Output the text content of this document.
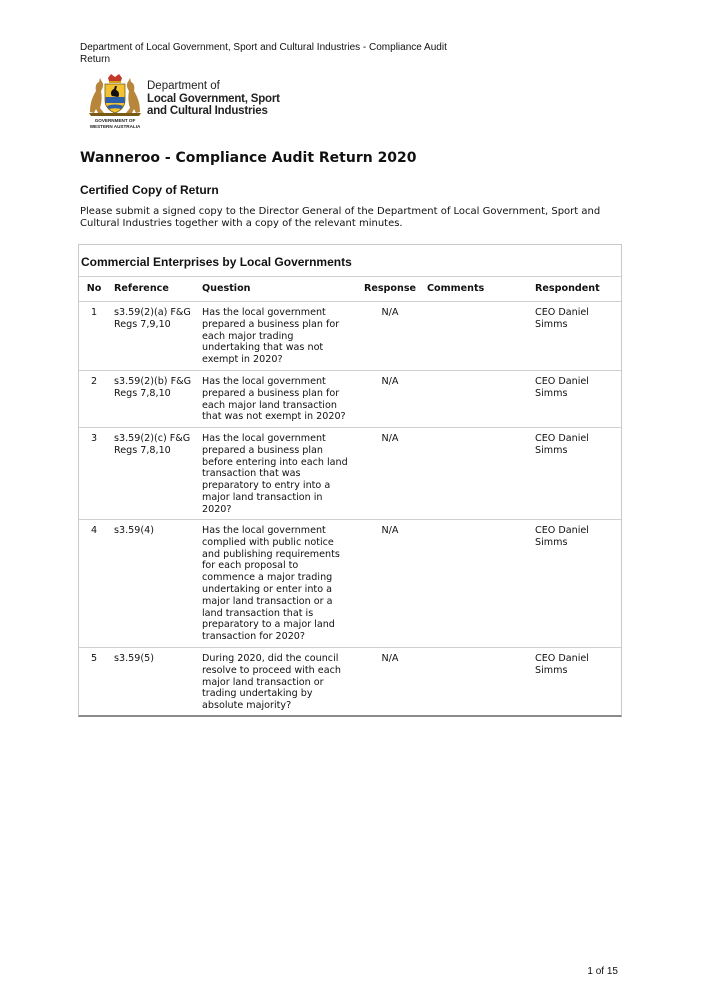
Department of Local Government, Sport and Cultural Industries - Compliance Audit Return
GOVERNMENT OF
WESTERN AUSTRALIA
Department of
Local Government, Sport
and Cultural Industries
Wanneroo - Compliance Audit Return 2020
Certified Copy of Return
Please submit a signed copy to the Director General of the Department of Local Government, Sport and Cultural Industries together with a copy of the relevant minutes.
Commercial Enterprises by Local Governments
No	Reference	Question	Response	Comments	Respondent
1	s3.59(2)(a) F&G Regs 7,9,10	Has the local government prepared a business plan for each major trading undertaking that was not exempt in 2020?	N/A		CEO Daniel Simms
2	s3.59(2)(b) F&G Regs 7,8,10	Has the local government prepared a business plan for each major land transaction that was not exempt in 2020?	N/A		CEO Daniel Simms
3	s3.59(2)(c) F&G Regs 7,8,10	Has the local government prepared a business plan before entering into each land transaction that was preparatory to entry into a major land transaction in 2020?	N/A		CEO Daniel Simms
4	s3.59(4)	Has the local government complied with public notice and publishing requirements for each proposal to commence a major trading undertaking or enter into a major land transaction or a land transaction that is preparatory to a major land transaction for 2020?	N/A		CEO Daniel Simms
5	s3.59(5)	During 2020, did the council resolve to proceed with each major land transaction or trading undertaking by absolute majority?	N/A		CEO Daniel Simms
1 of 15
